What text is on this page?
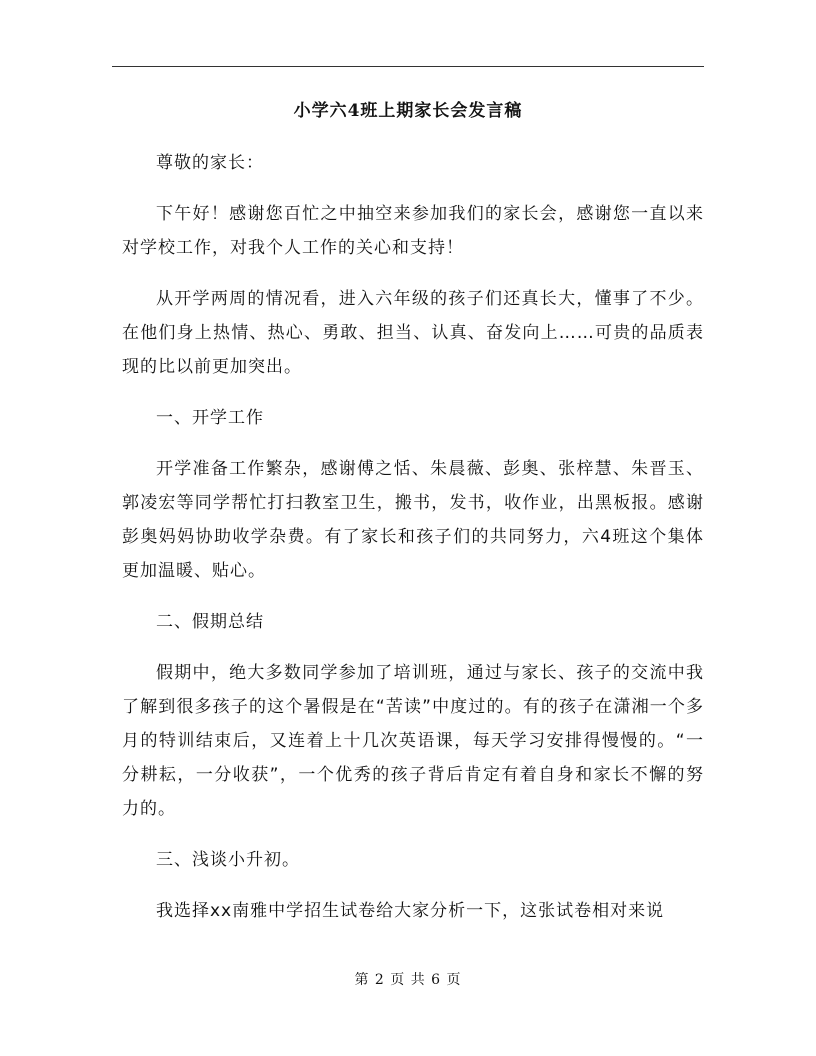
小学六4班上期家长会发言稿

尊敬的家长：

下午好！感谢您百忙之中抽空来参加我们的家长会，感谢您一直以来对学校工作，对我个人工作的关心和支持！

从开学两周的情况看，进入六年级的孩子们还真长大，懂事了不少。在他们身上热情、热心、勇敢、担当、认真、奋发向上……可贵的品质表现的比以前更加突出。

一、开学工作

开学准备工作繁杂，感谢傅之恬、朱晨薇、彭奥、张梓慧、朱晋玉、郭凌宏等同学帮忙打扫教室卫生，搬书，发书，收作业，出黑板报。感谢彭奥妈妈协助收学杂费。有了家长和孩子们的共同努力，六4班这个集体更加温暖、贴心。

二、假期总结

假期中，绝大多数同学参加了培训班，通过与家长、孩子的交流中我了解到很多孩子的这个暑假是在“苦读”中度过的。有的孩子在潇湘一个多月的特训结束后，又连着上十几次英语课，每天学习安排得慢慢的。“一分耕耘，一分收获”，一个优秀的孩子背后肯定有着自身和家长不懈的努力的。

三、浅谈小升初。

我选择xx南雅中学招生试卷给大家分析一下，这张试卷相对来说

第 2 页 共 6 页
